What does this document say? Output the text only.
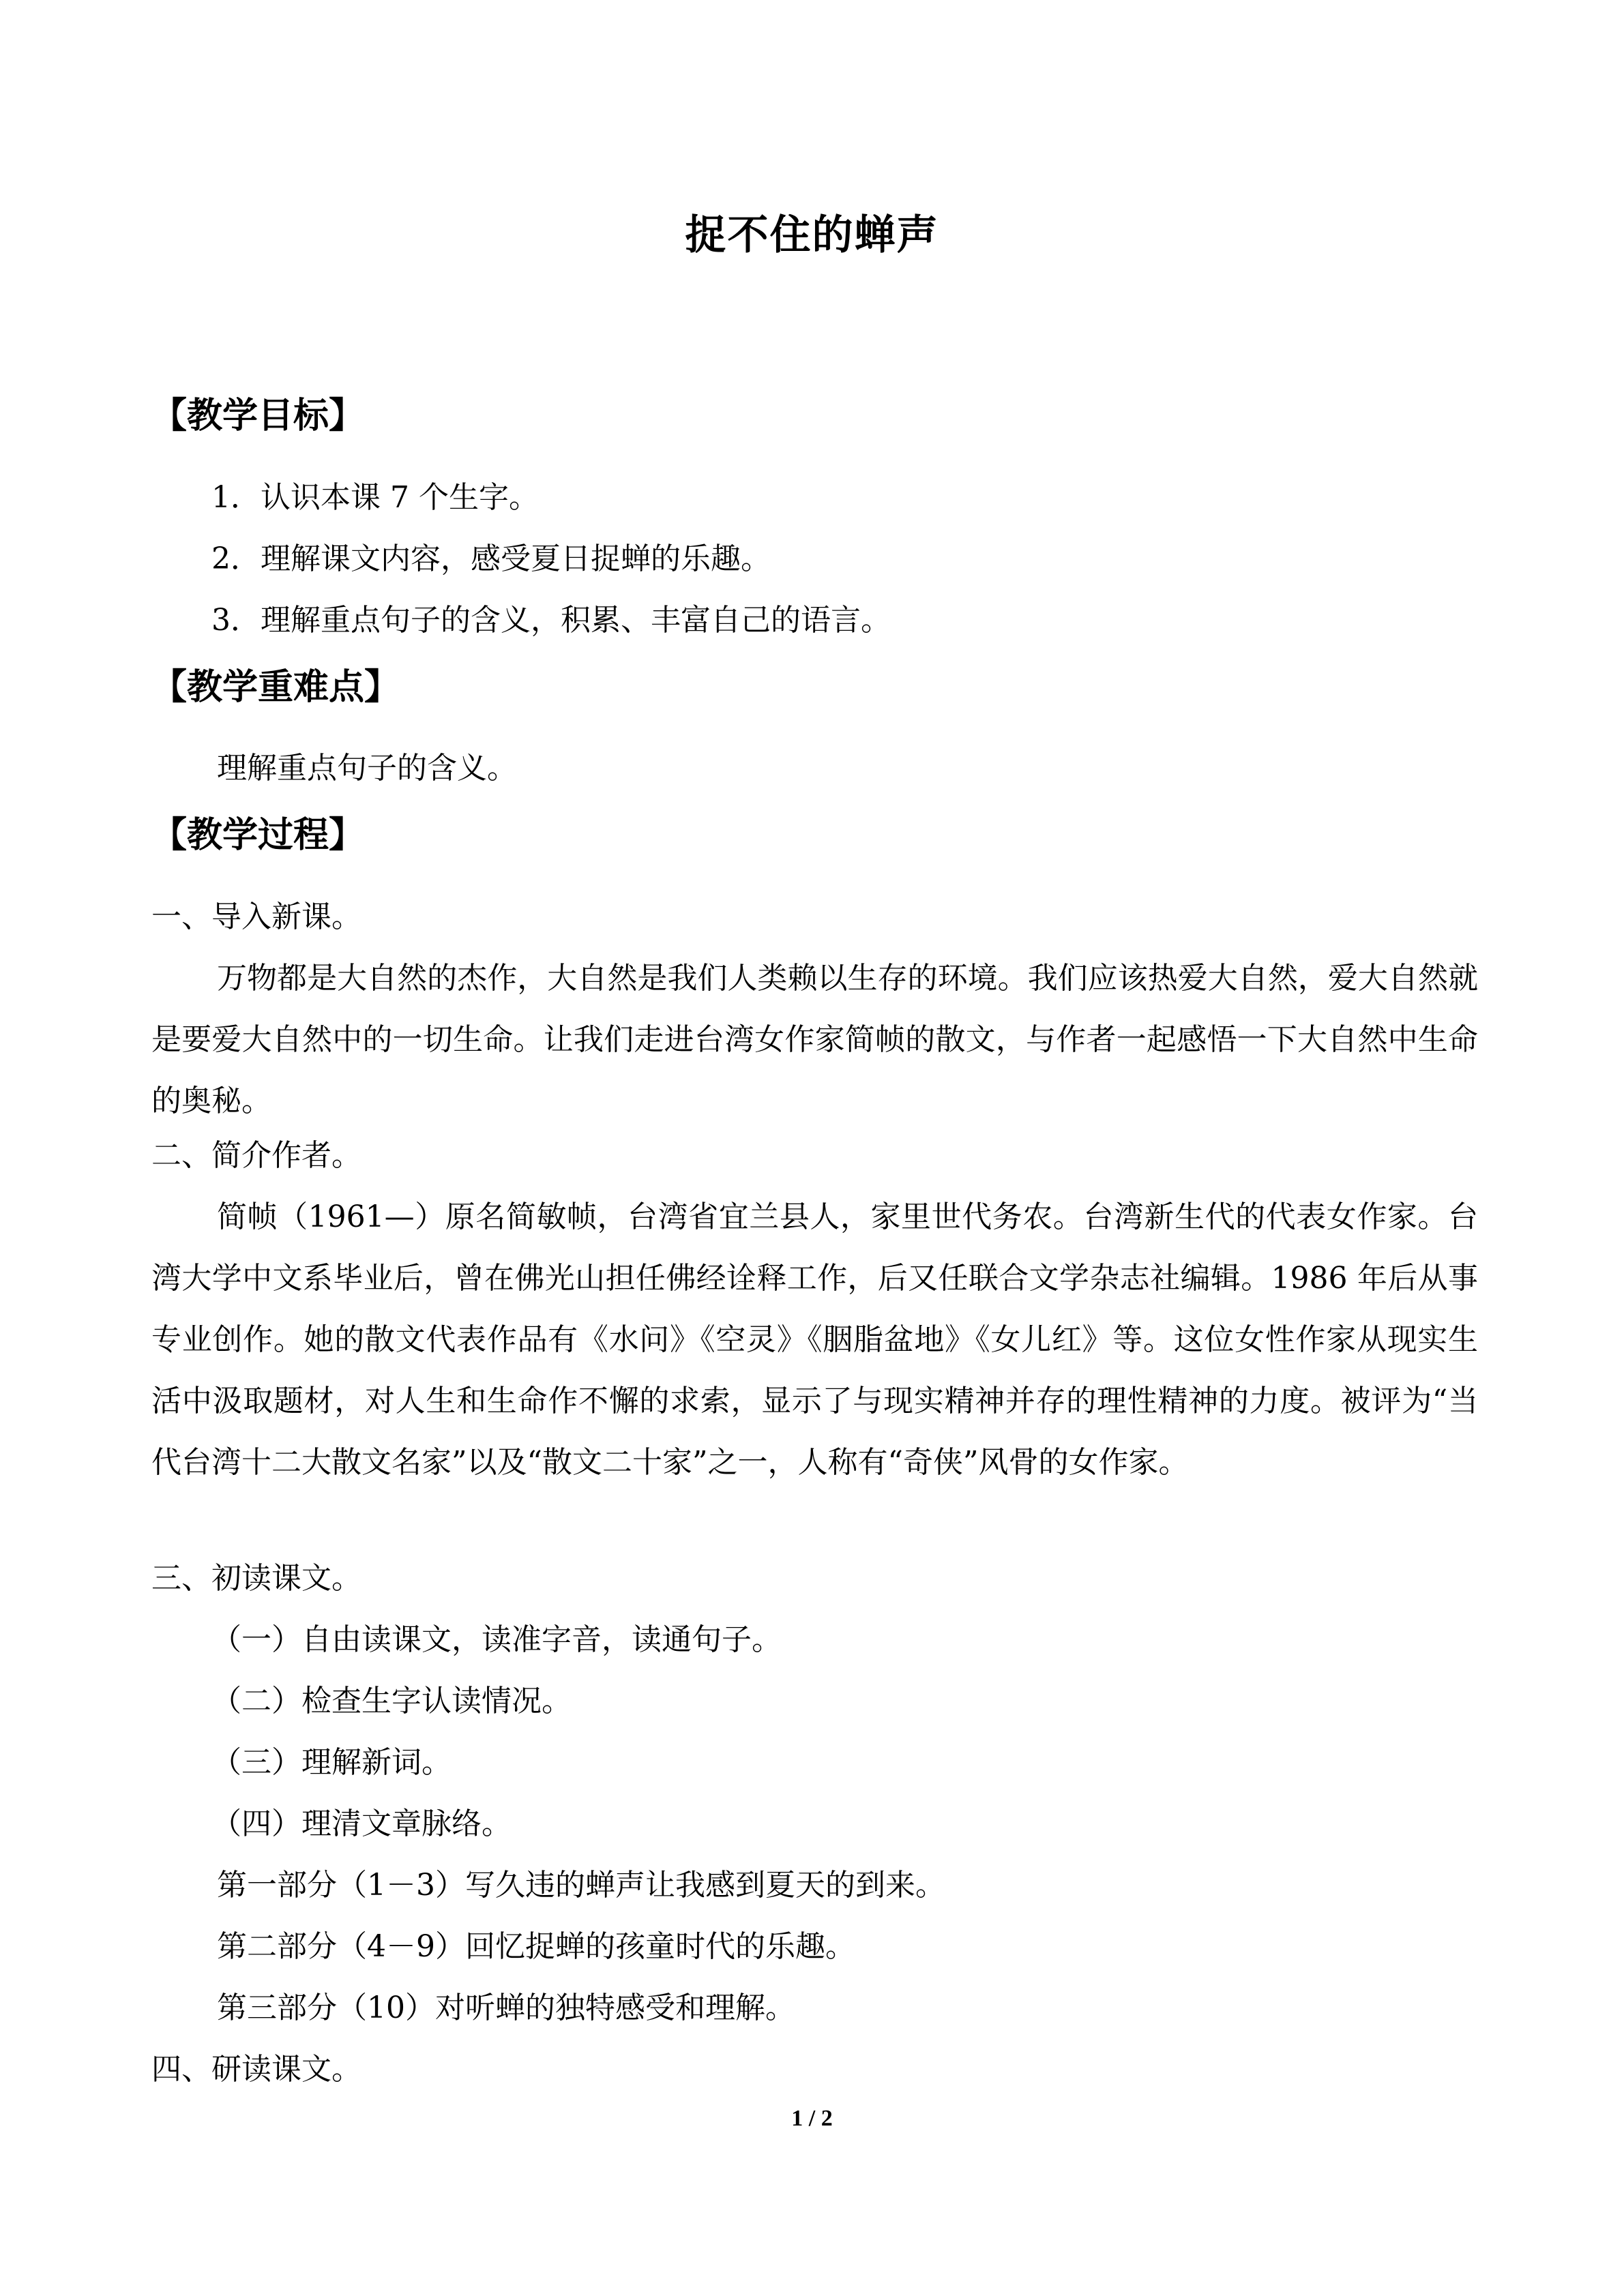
捉不住的蝉声
【教学目标】
1．认识本课 7 个生字。
2．理解课文内容，感受夏日捉蝉的乐趣。
3．理解重点句子的含义，积累、丰富自己的语言。
【教学重难点】
理解重点句子的含义。
【教学过程】
一、导入新课。
万物都是大自然的杰作，大自然是我们人类赖以生存的环境。我们应该热爱大自然，爱大自然就是要爱大自然中的一切生命。让我们走进台湾女作家简帧的散文，与作者一起感悟一下大自然中生命的奥秘。
二、简介作者。
简帧（1961—）原名简敏帧，台湾省宜兰县人，家里世代务农。台湾新生代的代表女作家。台湾大学中文系毕业后，曾在佛光山担任佛经诠释工作，后又任联合文学杂志社编辑。1986 年后从事专业创作。她的散文代表作品有《水问》《空灵》《胭脂盆地》《女儿红》等。这位女性作家从现实生活中汲取题材，对人生和生命作不懈的求索，显示了与现实精神并存的理性精神的力度。被评为“当代台湾十二大散文名家”以及“散文二十家”之一，人称有“奇侠”风骨的女作家。
三、初读课文。
（一）自由读课文，读准字音，读通句子。
（二）检查生字认读情况。
（三）理解新词。
（四）理清文章脉络。
第一部分（1－3）写久违的蝉声让我感到夏天的到来。
第二部分（4－9）回忆捉蝉的孩童时代的乐趣。
第三部分（10）对听蝉的独特感受和理解。
四、研读课文。
1 / 2
